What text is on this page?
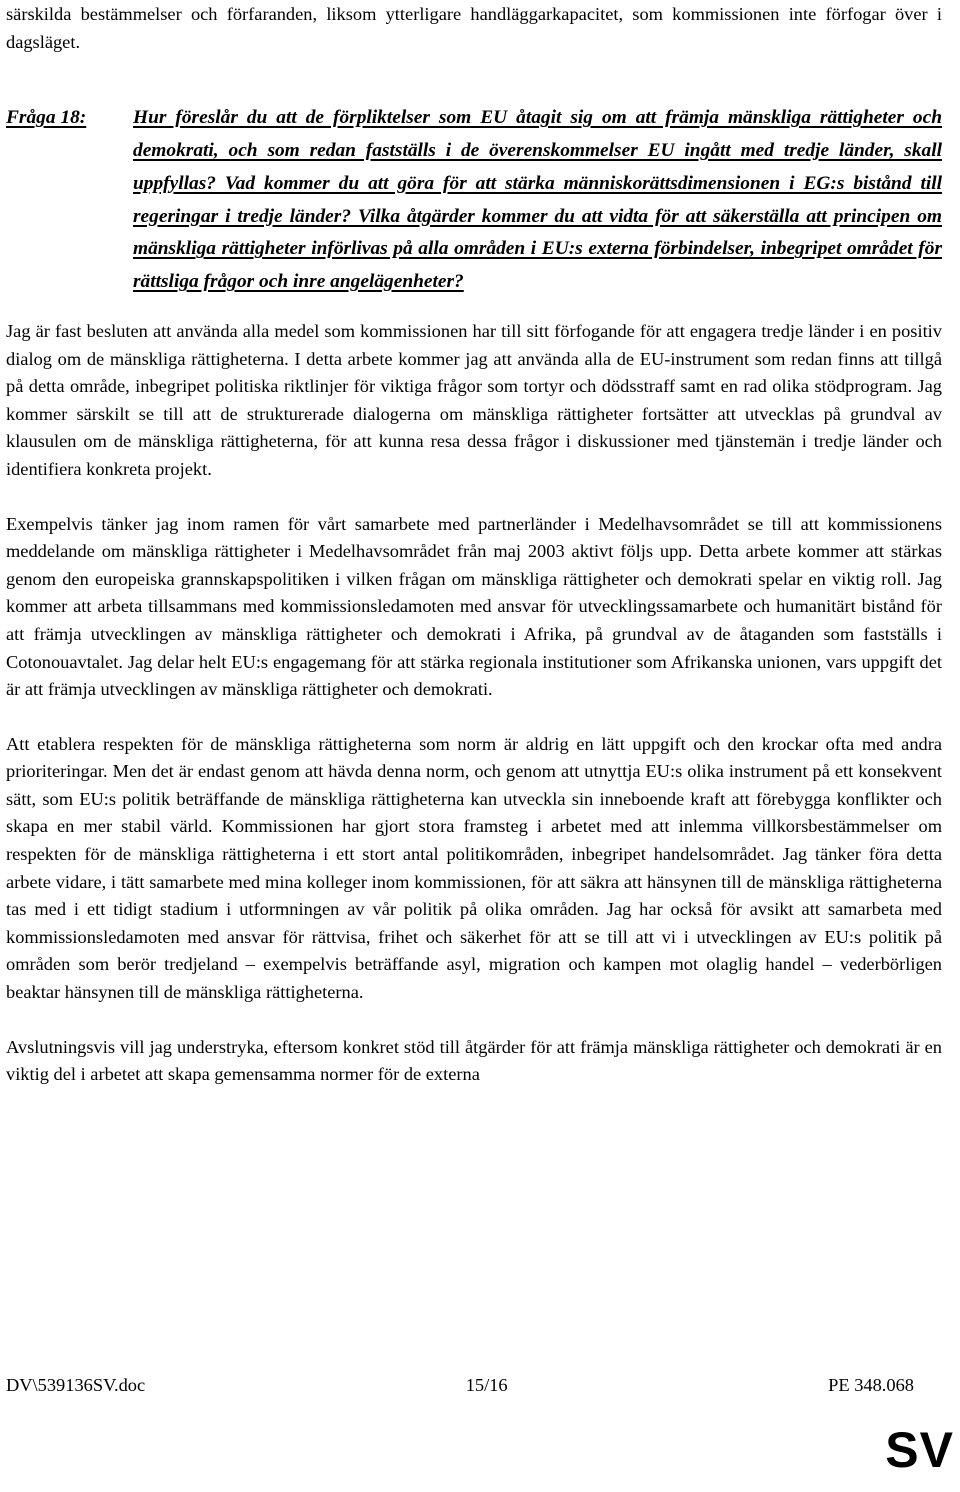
särskilda bestämmelser och förfaranden, liksom ytterligare handläggarkapacitet, som kommissionen inte förfogar över i dagsläget.

Fråga 18:	Hur föreslår du att de förpliktelser som EU åtagit sig om att främja mänskliga rättigheter och demokrati, och som redan fastställs i de överenskommelser EU ingått med tredje länder, skall uppfyllas? Vad kommer du att göra för att stärka människorättsdimensionen i EG:s bistånd till regeringar i tredje länder? Vilka åtgärder kommer du att vidta för att säkerställa att principen om mänskliga rättigheter införlivas på alla områden i EU:s externa förbindelser, inbegripet området för rättsliga frågor och inre angelägenheter?

Jag är fast besluten att använda alla medel som kommissionen har till sitt förfogande för att engagera tredje länder i en positiv dialog om de mänskliga rättigheterna. I detta arbete kommer jag att använda alla de EU-instrument som redan finns att tillgå på detta område, inbegripet politiska riktlinjer för viktiga frågor som tortyr och dödsstraff samt en rad olika stödprogram. Jag kommer särskilt se till att de strukturerade dialogerna om mänskliga rättigheter fortsätter att utvecklas på grundval av klausulen om de mänskliga rättigheterna, för att kunna resa dessa frågor i diskussioner med tjänstemän i tredje länder och identifiera konkreta projekt.

Exempelvis tänker jag inom ramen för vårt samarbete med partnerländer i Medelhavsområdet se till att kommissionens meddelande om mänskliga rättigheter i Medelhavsområdet från maj 2003 aktivt följs upp. Detta arbete kommer att stärkas genom den europeiska grannskapspolitiken i vilken frågan om mänskliga rättigheter och demokrati spelar en viktig roll. Jag kommer att arbeta tillsammans med kommissionsledamoten med ansvar för utvecklingssamarbete och humanitärt bistånd för att främja utvecklingen av mänskliga rättigheter och demokrati i Afrika, på grundval av de åtaganden som fastställs i Cotonouavtalet. Jag delar helt EU:s engagemang för att stärka regionala institutioner som Afrikanska unionen, vars uppgift det är att främja utvecklingen av mänskliga rättigheter och demokrati.

Att etablera respekten för de mänskliga rättigheterna som norm är aldrig en lätt uppgift och den krockar ofta med andra prioriteringar. Men det är endast genom att hävda denna norm, och genom att utnyttja EU:s olika instrument på ett konsekvent sätt, som EU:s politik beträffande de mänskliga rättigheterna kan utveckla sin inneboende kraft att förebygga konflikter och skapa en mer stabil värld. Kommissionen har gjort stora framsteg i arbetet med att inlemma villkorsbestämmelser om respekten för de mänskliga rättigheterna i ett stort antal politikområden, inbegripet handelsområdet. Jag tänker föra detta arbete vidare, i tätt samarbete med mina kolleger inom kommissionen, för att säkra att hänsynen till de mänskliga rättigheterna tas med i ett tidigt stadium i utformningen av vår politik på olika områden. Jag har också för avsikt att samarbeta med kommissionsledamoten med ansvar för rättvisa, frihet och säkerhet för att se till att vi i utvecklingen av EU:s politik på områden som berör tredjeland – exempelvis beträffande asyl, migration och kampen mot olaglig handel – vederbörligen beaktar hänsynen till de mänskliga rättigheterna.

Avslutningsvis vill jag understryka, eftersom konkret stöd till åtgärder för att främja mänskliga rättigheter och demokrati är en viktig del i arbetet att skapa gemensamma normer för de externa

DV\539136SV.doc	15/16	PE 348.068
SV
